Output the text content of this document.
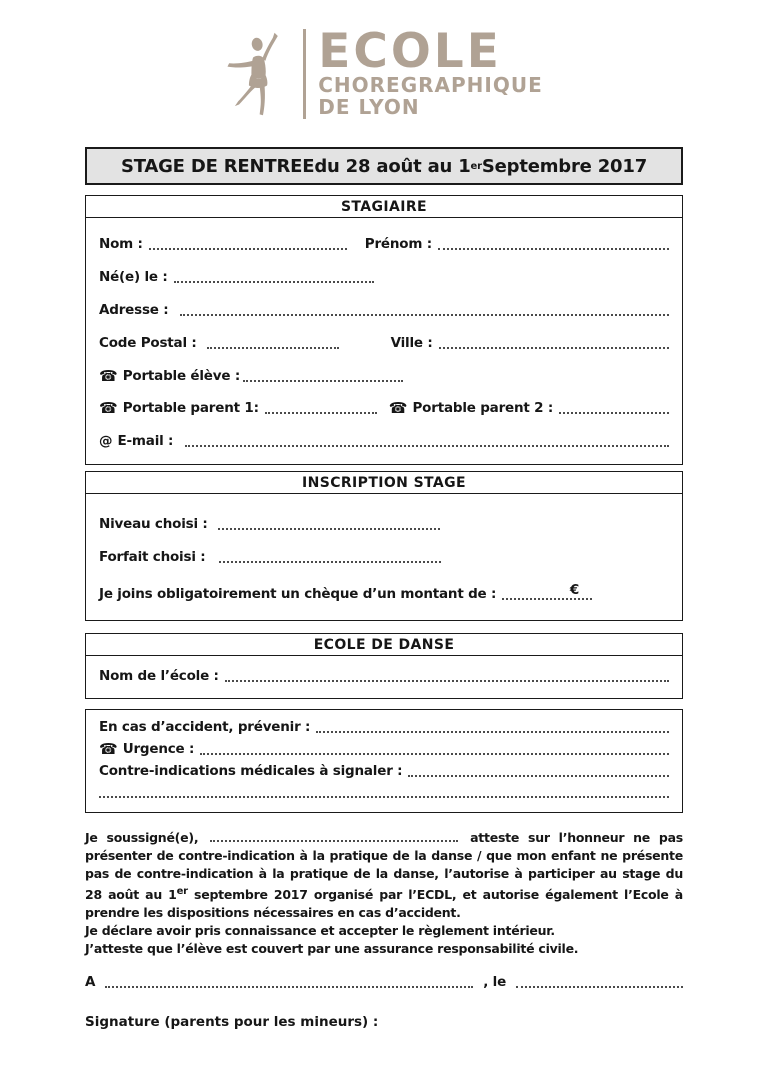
ECOLE
CHOREGRAPHIQUE
DE LYON
STAGE DE RENTREE du 28 août au 1 er Septembre 2017
STAGIAIRE
Nom :	Prénom :
Né(e) le :
Adresse :
Code Postal :	Ville :
☎ Portable élève :
☎ Portable parent 1:	☎ Portable parent 2 :
@ E-mail :
INSCRIPTION STAGE
Niveau choisi :
Forfait choisi :
Je joins obligatoirement un chèque d’un montant de :	€
ECOLE DE DANSE
Nom de l’école :
En cas d’accident, prévenir :
☎ Urgence :
Contre-indications médicales à signaler :

Je soussigné(e),	atteste sur l’honneur ne pas présenter de contre-indication à la pratique de la danse / que mon enfant ne présente pas de contre-indication à la pratique de la danse, l’autorise à participer au stage du 28 août au 1er septembre 2017 organisé par l’ECDL, et autorise également l’Ecole à prendre les dispositions nécessaires en cas d’accident.

Je déclare avoir pris connaissance et accepter le règlement intérieur.
J’atteste que l’élève est couvert par une assurance responsabilité civile.
A	, le
Signature (parents pour les mineurs) :
